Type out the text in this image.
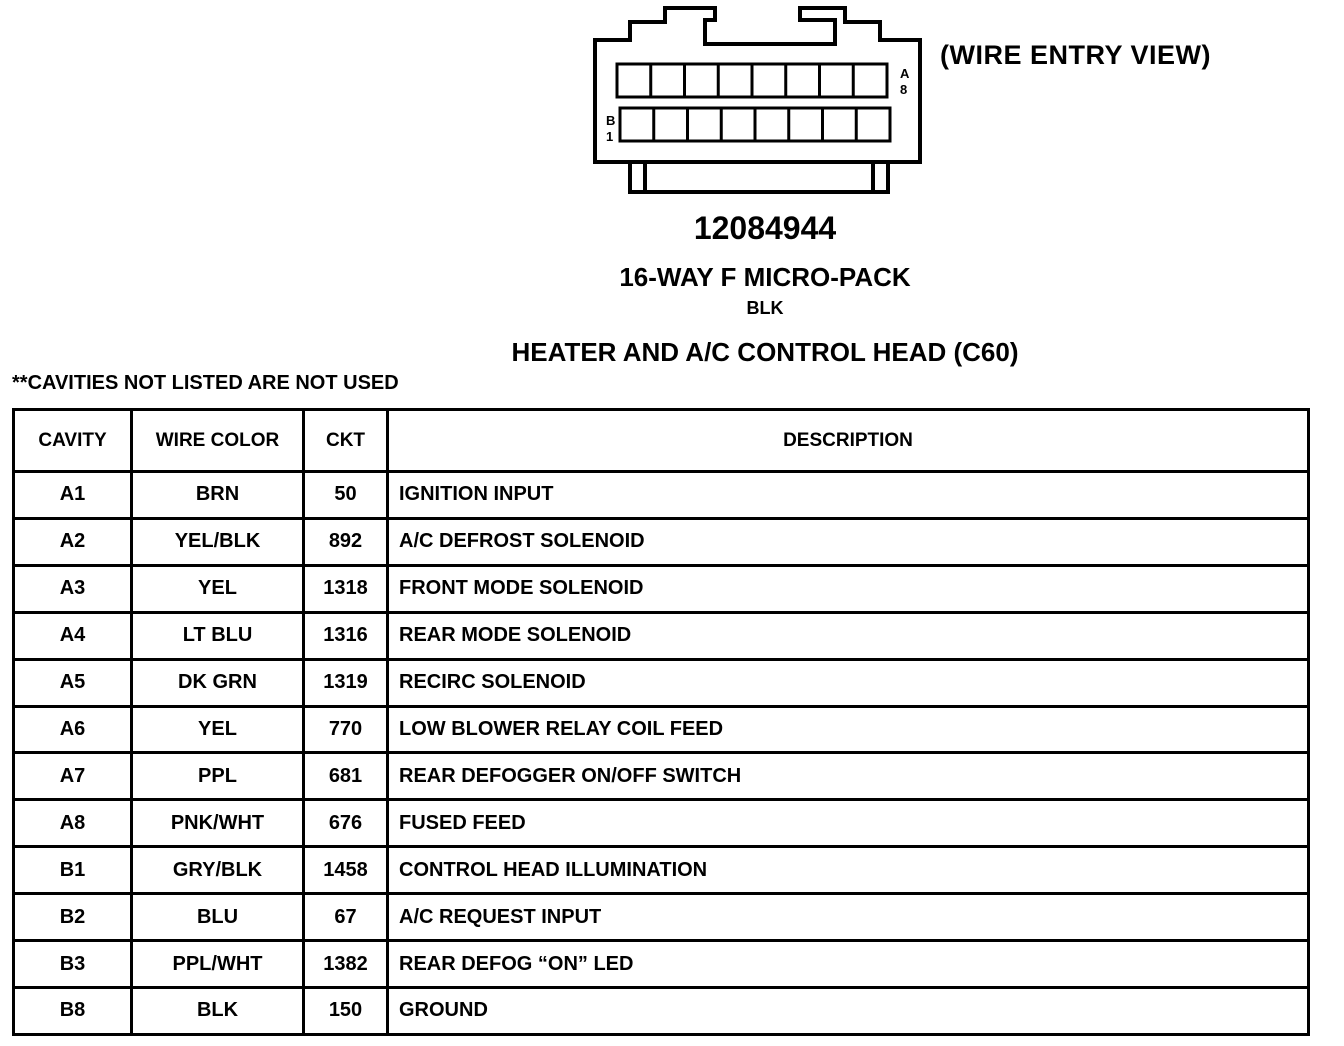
A
8
B
1
(WIRE ENTRY VIEW)
12084944
16-WAY F MICRO-PACK
BLK
HEATER AND A/C CONTROL HEAD (C60)
**CAVITIES NOT LISTED ARE NOT USED
CAVITY	WIRE COLOR	CKT	DESCRIPTION
A1	BRN	50	IGNITION INPUT
A2	YEL/BLK	892	A/C DEFROST SOLENOID
A3	YEL	1318	FRONT MODE SOLENOID
A4	LT BLU	1316	REAR MODE SOLENOID
A5	DK GRN	1319	RECIRC SOLENOID
A6	YEL	770	LOW BLOWER RELAY COIL FEED
A7	PPL	681	REAR DEFOGGER ON/OFF SWITCH
A8	PNK/WHT	676	FUSED FEED
B1	GRY/BLK	1458	CONTROL HEAD ILLUMINATION
B2	BLU	67	A/C REQUEST INPUT
B3	PPL/WHT	1382	REAR DEFOG “ON” LED
B8	BLK	150	GROUND
